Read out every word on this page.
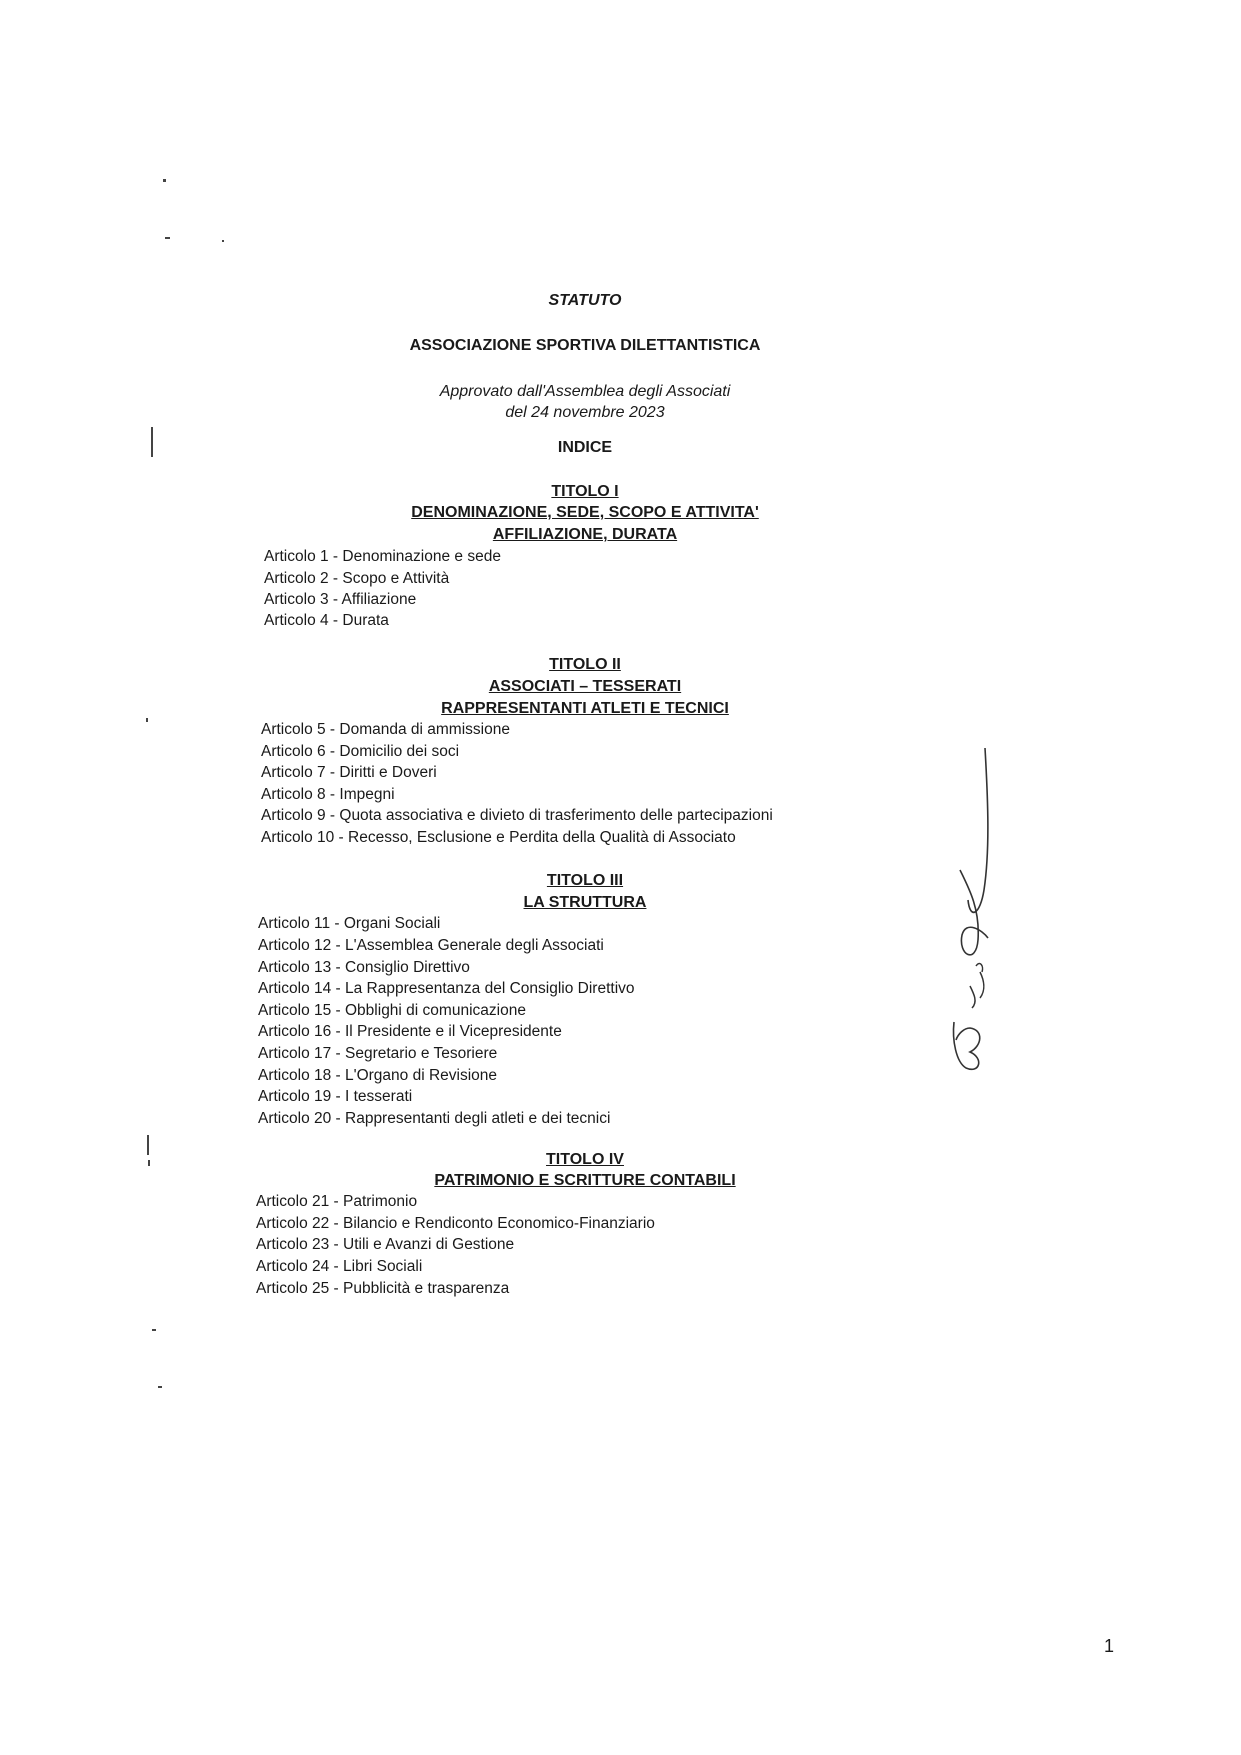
STATUTO
ASSOCIAZIONE SPORTIVA DILETTANTISTICA
Approvato dall'Assemblea degli Associati
del 24 novembre 2023
INDICE
TITOLO I
DENOMINAZIONE, SEDE, SCOPO E ATTIVITA'
AFFILIAZIONE, DURATA
Articolo 1 - Denominazione e sede
Articolo 2 - Scopo e Attività
Articolo 3 - Affiliazione
Articolo 4 - Durata
TITOLO II
ASSOCIATI – TESSERATI
RAPPRESENTANTI ATLETI E TECNICI
Articolo 5 - Domanda di ammissione
Articolo 6 - Domicilio dei soci
Articolo 7 - Diritti e Doveri
Articolo 8 - Impegni
Articolo 9 - Quota associativa e divieto di trasferimento delle partecipazioni
Articolo 10 - Recesso, Esclusione e Perdita della Qualità di Associato
TITOLO III
LA STRUTTURA
Articolo 11 - Organi Sociali
Articolo 12 - L'Assemblea Generale degli Associati
Articolo 13 - Consiglio Direttivo
Articolo 14 - La Rappresentanza del Consiglio Direttivo
Articolo 15 - Obblighi di comunicazione
Articolo 16 - Il Presidente e il Vicepresidente
Articolo 17 - Segretario e Tesoriere
Articolo 18 - L'Organo di Revisione
Articolo 19 - I tesserati
Articolo 20 - Rappresentanti degli atleti e dei tecnici
TITOLO IV
PATRIMONIO E SCRITTURE CONTABILI
Articolo 21 - Patrimonio
Articolo 22 - Bilancio e Rendiconto Economico-Finanziario
Articolo 23 - Utili e Avanzi di Gestione
Articolo 24 - Libri Sociali
Articolo 25 - Pubblicità e trasparenza
1
